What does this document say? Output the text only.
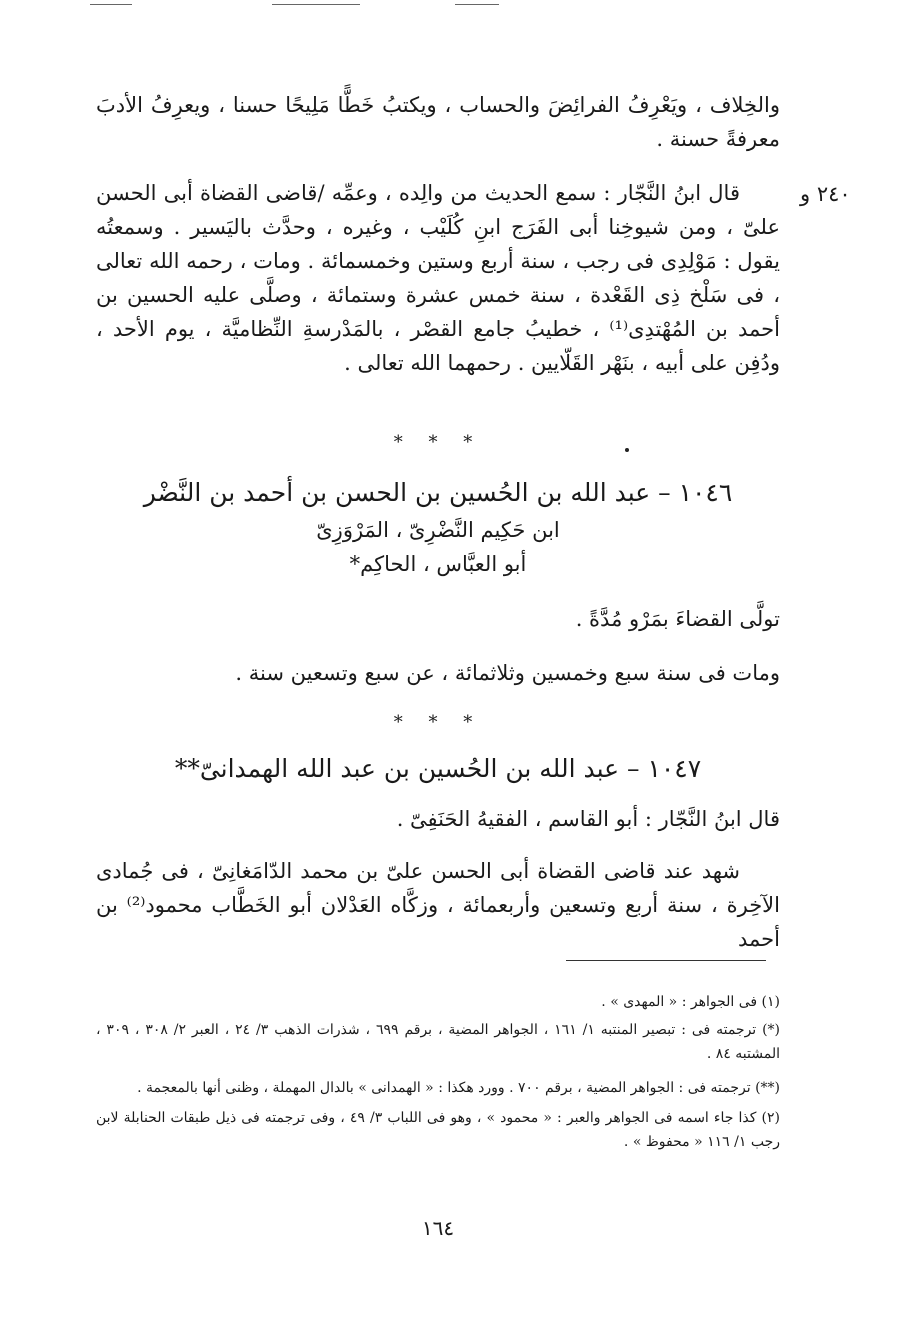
٢٤٠ و

والخِلاف ، ويَعْرِفُ الفرائِضَ والحساب ، ويكتبُ خَطًّا مَلِيحًا حسنا ، ويعرِفُ الأدبَ معرفةً حسنة .

قال ابنُ النَّجّار : سمع الحديث من والِده ، وعمِّه /قاضى القضاة أبى الحسن علىّ ، ومن شيوخِنا أبى الفَرَج ابنِ كُلَيْب ، وغيره ، وحدَّث باليَسير . وسمعتُه يقول : مَوْلِدِى فى رجب ، سنة أربع وستين وخمسمائة . ومات ، رحمه الله تعالى ، فى سَلْخ ذِى القَعْدة ، سنة خمس عشرة وستمائة ، وصلَّى عليه الحسين بن أحمد بن المُهْتدِى⁽¹⁾ ، خطيبُ جامع القصْر ، بالمَدْرسةِ النِّظاميَّة ، يوم الأحد ، ودُفِن على أبيه ، بنَهْر القَلّايين . رحمهما الله تعالى .

* * *
١٠٤٦ – عبد الله بن الحُسين بن الحسن بن أحمد بن النَّضْر
ابن حَكِيم النَّضْرِىّ ، المَرْوَزِىّ
أبو العبَّاس ، الحاكِم*

تولَّى القضاءَ بمَرْو مُدَّةً .

ومات فى سنة سبع وخمسين وثلاثمائة ، عن سبع وتسعين سنة .

* * *
١٠٤٧ – عبد الله بن الحُسين بن عبد الله الهمدانىّ**

قال ابنُ النَّجّار : أبو القاسم ، الفقيهُ الحَنَفِىّ .

شهد عند قاضى القضاة أبى الحسن علىّ بن محمد الدّامَغانِىّ ، فى جُمادى الآخِرة ، سنة أربع وتسعين وأربعمائة ، وزكَّاه العَدْلان أبو الخَطَّاب محمود⁽²⁾ بن أحمد

(١) فى الجواهر : « المهدى » .

(*) ترجمته فى : تبصير المنتبه ١/ ١٦١ ، الجواهر المضية ، برقم ٦٩٩ ، شذرات الذهب ٣/ ٢٤ ، العبر ٢/ ٣٠٨ ، ٣٠٩ ، المشتبه ٨٤ .

(**) ترجمته فى : الجواهر المضية ، برقم ٧٠٠ . وورد هكذا : « الهمدانى » بالدال المهملة ، وظنى أنها بالمعجمة .

(٢) كذا جاء اسمه فى الجواهر والعبر : « محمود » ، وهو فى اللباب ٣/ ٤٩ ، وفى ترجمته فى ذيل طبقات الحنابلة لابن رجب ١/ ١١٦ « محفوظ » .

١٦٤
